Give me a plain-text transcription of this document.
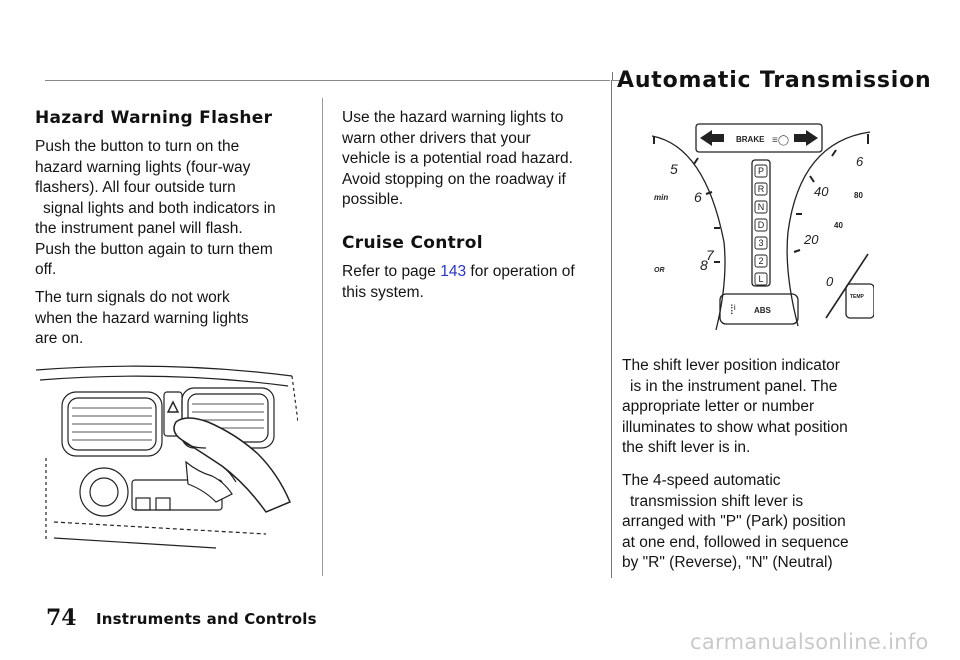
Hazard Warning Flasher
Push the button to turn on the
hazard warning lights (four-way
flashers). All four outside turn
signal lights and both indicators in
the instrument panel will flash.
Push the button again to turn them
off.
The turn signals do not work
when the hazard warning lights
are on.
Use the hazard warning lights to
warn other drivers that your
vehicle is a potential road hazard.
Avoid stopping on the roadway if
possible.
Cruise Control
Refer to page 143 for operation of
this system.
Automatic Transmission
BRAKE ≡◯
5
6
7
8
min
OR
6
40	80
40
20
0
P
R
N
D
3
2
L
⁞ⁱ ABS
TEMP
The shift lever position indicator
is in the instrument panel. The
appropriate letter or number
illuminates to show what position
the shift lever is in.
The 4-speed automatic
transmission shift lever is
arranged with "P" (Park) position
at one end, followed in sequence
by "R" (Reverse), "N" (Neutral)
74 Instruments and Controls
carmanualsonline.info
